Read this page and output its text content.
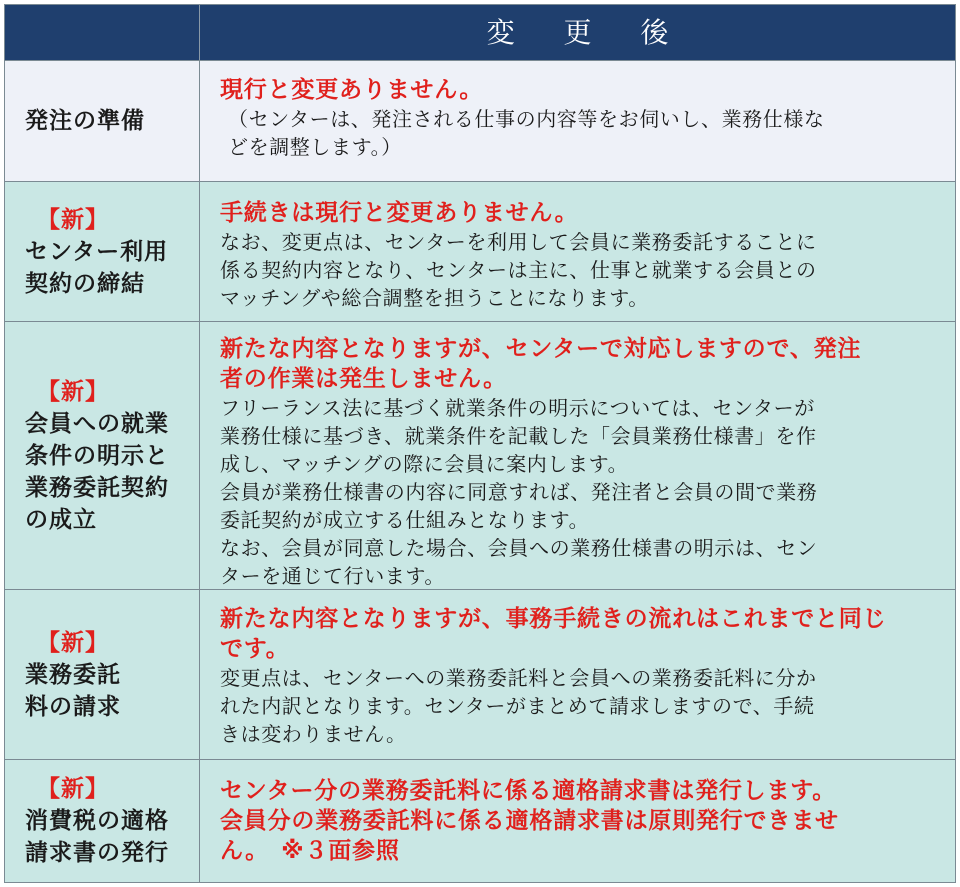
変 更 後
発注の準備
現行と変更ありません。
（センターは、発注される仕事の内容等をお伺いし、業務仕様な
どを調整します。）
【新】
センター利用
契約の締結
手続きは現行と変更ありません。
なお、変更点は、センターを利用して会員に業務委託することに
係る契約内容となり、センターは主に、仕事と就業する会員との
マッチングや総合調整を担うことになります。
【新】
会員への就業
条件の明示と
業務委託契約
の成立
新たな内容となりますが、センターで対応しますので、発注
者の作業は発生しません。
フリーランス法に基づく就業条件の明示については、センターが
業務仕様に基づき、就業条件を記載した「会員業務仕様書」を作
成し、マッチングの際に会員に案内します。
会員が業務仕様書の内容に同意すれば、発注者と会員の間で業務
委託契約が成立する仕組みとなります。
なお、会員が同意した場合、会員への業務仕様書の明示は、セン
ターを通じて行います。
【新】
業務委託
料の請求
新たな内容となりますが、事務手続きの流れはこれまでと同じ
です。
変更点は、センターへの業務委託料と会員への業務委託料に分か
れた内訳となります。センターがまとめて請求しますので、手続
きは変わりません。
【新】
消費税の適格
請求書の発行
センター分の業務委託料に係る適格請求書は発行します。
会員分の業務委託料に係る適格請求書は原則発行できませ
ん。　※３面参照
